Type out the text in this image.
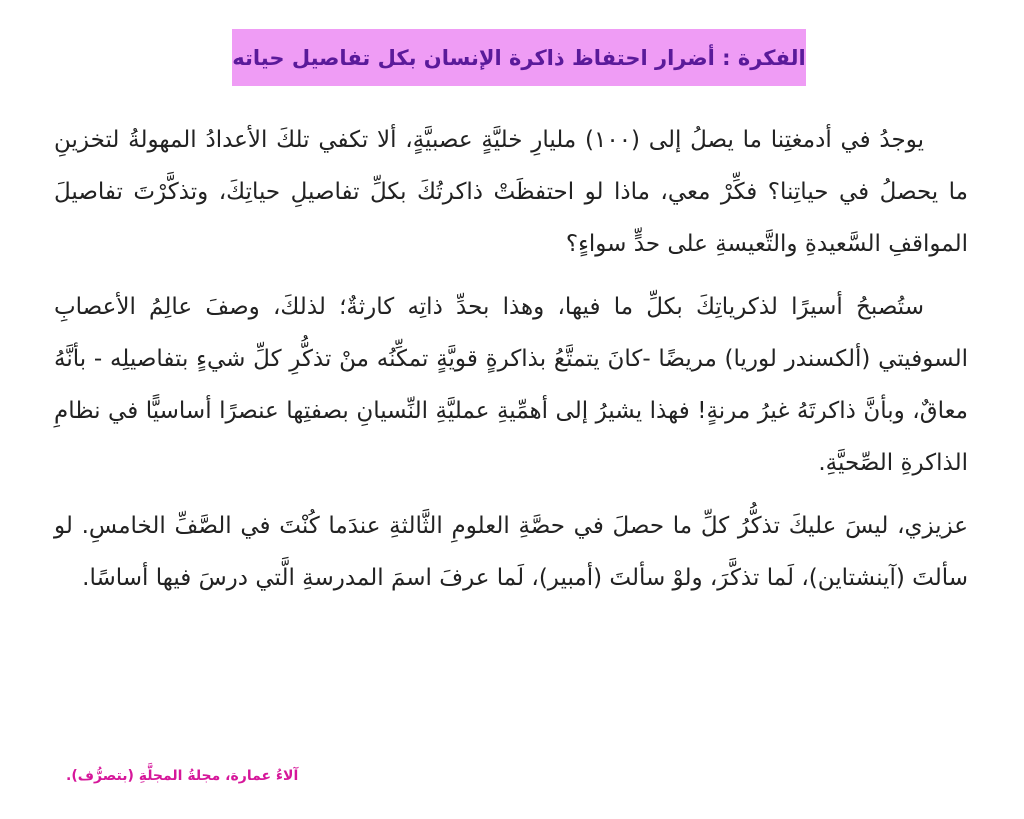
الفكرة : أضرار احتفاظ ذاكرة الإنسان بكل تفاصيل حياته

يوجدُ في أدمغتِنا ما يصلُ إلى (١٠٠) مليارِ خليَّةٍ عصبيَّةٍ، ألا تكفي تلكَ الأعدادُ المهولةُ لتخزينِ ما يحصلُ في حياتِنا؟ فكِّرْ معي، ماذا لو احتفظَتْ ذاكرتُكَ بكلِّ تفاصيلِ حياتِكَ، وتذكَّرْتَ تفاصيلَ المواقفِ السَّعيدةِ والتَّعيسةِ على حدٍّ سواءٍ؟

ستُصبحُ أسيرًا لذكرياتِكَ بكلِّ ما فيها، وهذا بحدِّ ذاتِه كارثةٌ؛ لذلكَ، وصفَ عالِمُ الأعصابِ السوفيتي (ألكسندر لوريا) مريضًا -كانَ يتمتَّعُ بذاكرةٍ قويَّةٍ تمكِّنُه منْ تذكُّرِ كلِّ شيءٍ بتفاصيلِه - بأنَّهُ معاقٌ، وبأنَّ ذاكرتَهُ غيرُ مرنةٍ! فهذا يشيرُ إلى أهمِّيةِ عمليَّةِ النِّسيانِ بصفتِها عنصرًا أساسيًّا في نظامِ الذاكرةِ الصِّحيَّةِ.

عزيزي، ليسَ عليكَ تذكُّرُ كلِّ ما حصلَ في حصَّةِ العلومِ الثَّالثةِ عندَما كُنْتَ في الصَّفِّ الخامسِ. لو سألتَ (آينشتاين)، لَما تذكَّرَ، ولوْ سألتَ (أمبير)، لَما عرفَ اسمَ المدرسةِ الَّتي درسَ فيها أساسًا.

آلاءُ عمارة، مجلةُ المجلَّةِ (بتصرُّف).
